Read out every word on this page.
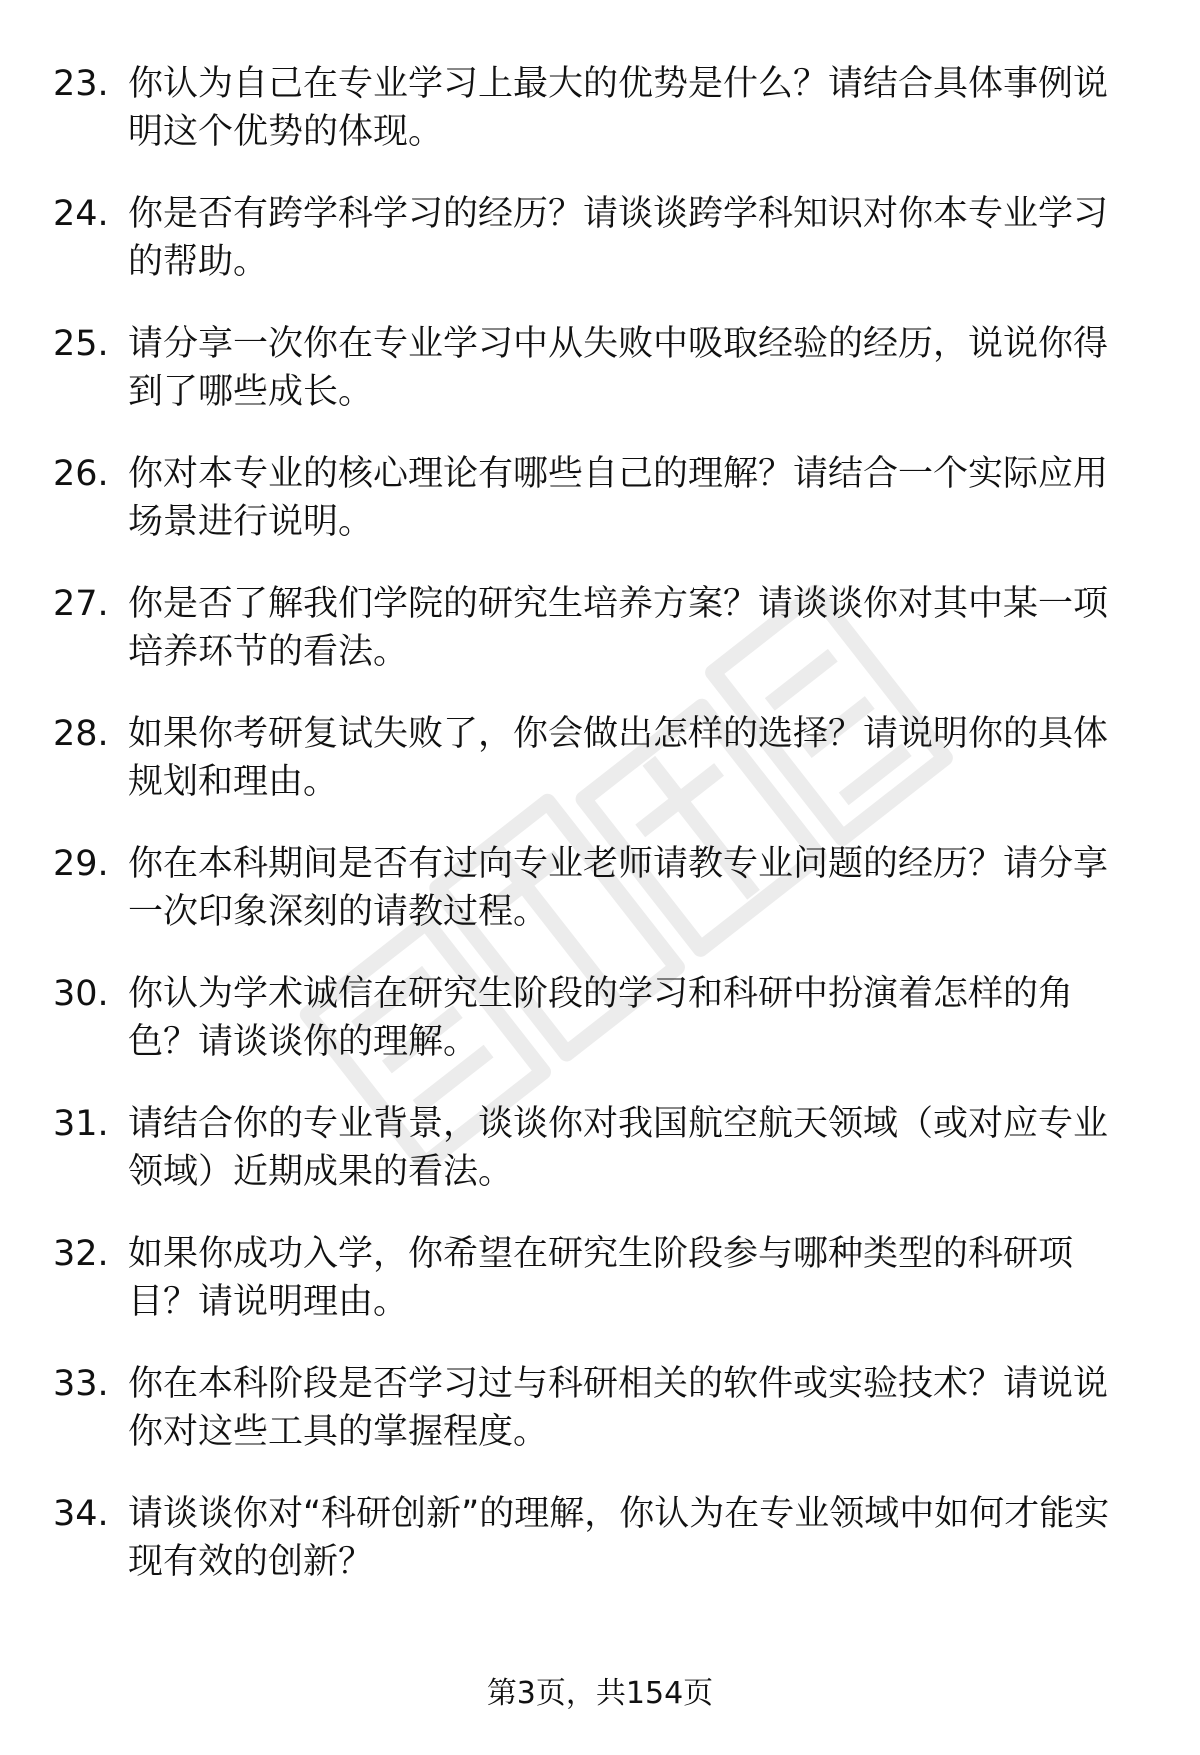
23. 你认为自己在专业学习上最大的优势是什么？请结合具体事例说明这个优势的体现。
24. 你是否有跨学科学习的经历？请谈谈跨学科知识对你本专业学习的帮助。
25. 请分享一次你在专业学习中从失败中吸取经验的经历，说说你得到了哪些成长。
26. 你对本专业的核心理论有哪些自己的理解？请结合一个实际应用场景进行说明。
27. 你是否了解我们学院的研究生培养方案？请谈谈你对其中某一项培养环节的看法。
28. 如果你考研复试失败了，你会做出怎样的选择？请说明你的具体规划和理由。
29. 你在本科期间是否有过向专业老师请教专业问题的经历？请分享一次印象深刻的请教过程。
30. 你认为学术诚信在研究生阶段的学习和科研中扮演着怎样的角色？请谈谈你的理解。
31. 请结合你的专业背景，谈谈你对我国航空航天领域（或对应专业领域）近期成果的看法。
32. 如果你成功入学，你希望在研究生阶段参与哪种类型的科研项目？请说明理由。
33. 你在本科阶段是否学习过与科研相关的软件或实验技术？请说说你对这些工具的掌握程度。
34. 请谈谈你对“科研创新”的理解，你认为在专业领域中如何才能实现有效的创新？
第3页，共154页
